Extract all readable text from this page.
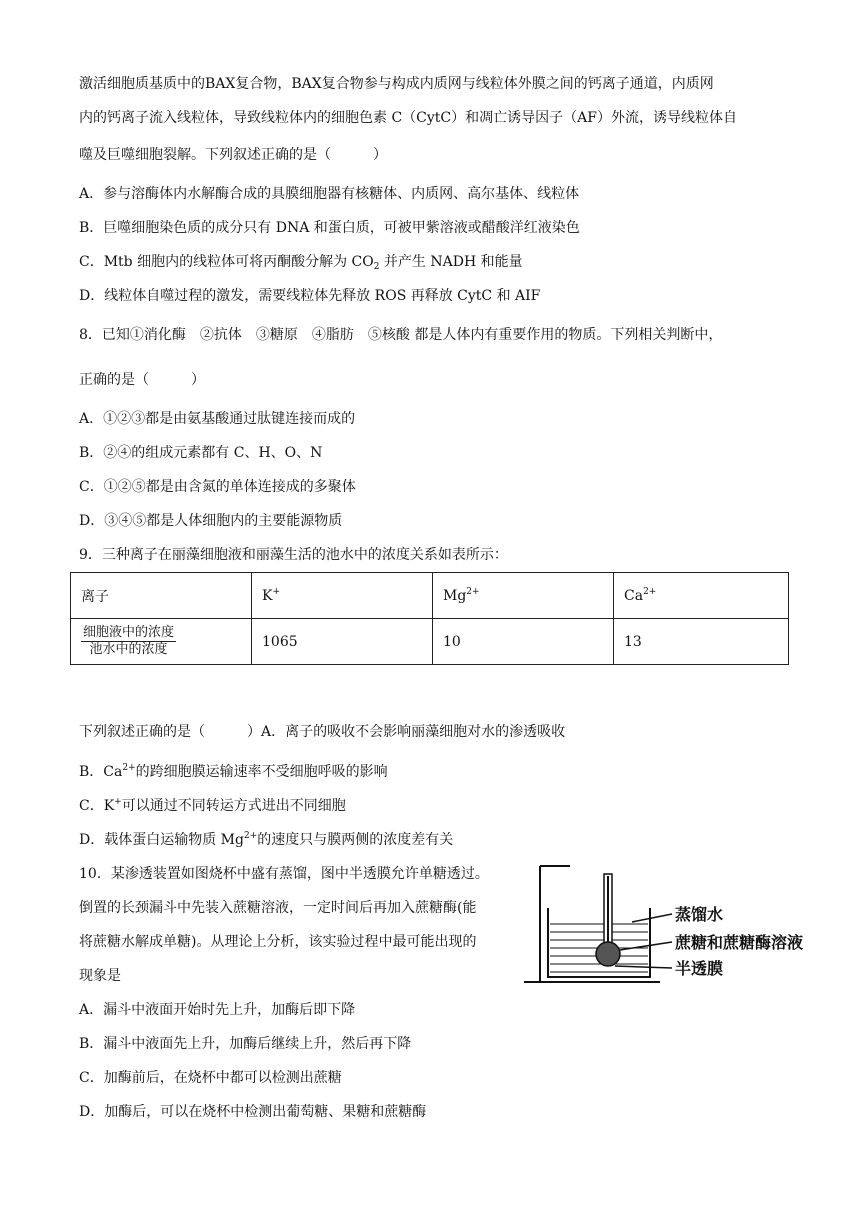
激活细胞质基质中的BAX复合物，BAX复合物参与构成内质网与线粒体外膜之间的钙离子通道，内质网
内的钙离子流入线粒体，导致线粒体内的细胞色素 C（CytC）和凋亡诱导因子（AF）外流，诱导线粒体自
噬及巨噬细胞裂解。下列叙述正确的是（　　　）
A．参与溶酶体内水解酶合成的具膜细胞器有核糖体、内质网、高尔基体、线粒体
B．巨噬细胞染色质的成分只有 DNA 和蛋白质，可被甲紫溶液或醋酸洋红液染色
C．Mtb 细胞内的线粒体可将丙酮酸分解为 $CO_2$ 并产生 NADH 和能量
D．线粒体自噬过程的激发，需要线粒体先释放 ROS 再释放 CytC 和 AIF
8．已知①消化酶　②抗体　③糖原　④脂肪　⑤核酸 都是人体内有重要作用的物质。下列相关判断中，
正确的是（　　　）
A．①②③都是由氨基酸通过肽键连接而成的
B．②④的组成元素都有 C、H、O、N
C．①②⑤都是由含氮的单体连接成的多聚体
D．③④⑤都是人体细胞内的主要能源物质
9．三种离子在丽藻细胞液和丽藻生活的池水中的浓度关系如表所示：
离子	K+	$Mg^{2+}$	$Ca^{2+}$

$\frac{\text{细胞液中的浓度}}{\text{池水中的浓度}}$	1065	10	13
下列叙述正确的是（　　　）A．离子的吸收不会影响丽藻细胞对水的渗透吸收
B．$Ca^{2+}$的跨细胞膜运输速率不受细胞呼吸的影响
C．K+可以通过不同转运方式进出不同细胞
D．载体蛋白运输物质 $Mg^{2+}$的速度只与膜两侧的浓度差有关
10．某渗透装置如图烧杯中盛有蒸馏，图中半透膜允许单糖透过。
倒置的长颈漏斗中先装入蔗糖溶液，一定时间后再加入蔗糖酶(能
将蔗糖水解成单糖)。从理论上分析，该实验过程中最可能出现的
现象是
A．漏斗中液面开始时先上升，加酶后即下降
B．漏斗中液面先上升，加酶后继续上升，然后再下降
C．加酶前后，在烧杯中都可以检测出蔗糖
D．加酶后，可以在烧杯中检测出葡萄糖、果糖和蔗糖酶
蒸馏水
蔗糖和蔗糖酶溶液
半透膜
